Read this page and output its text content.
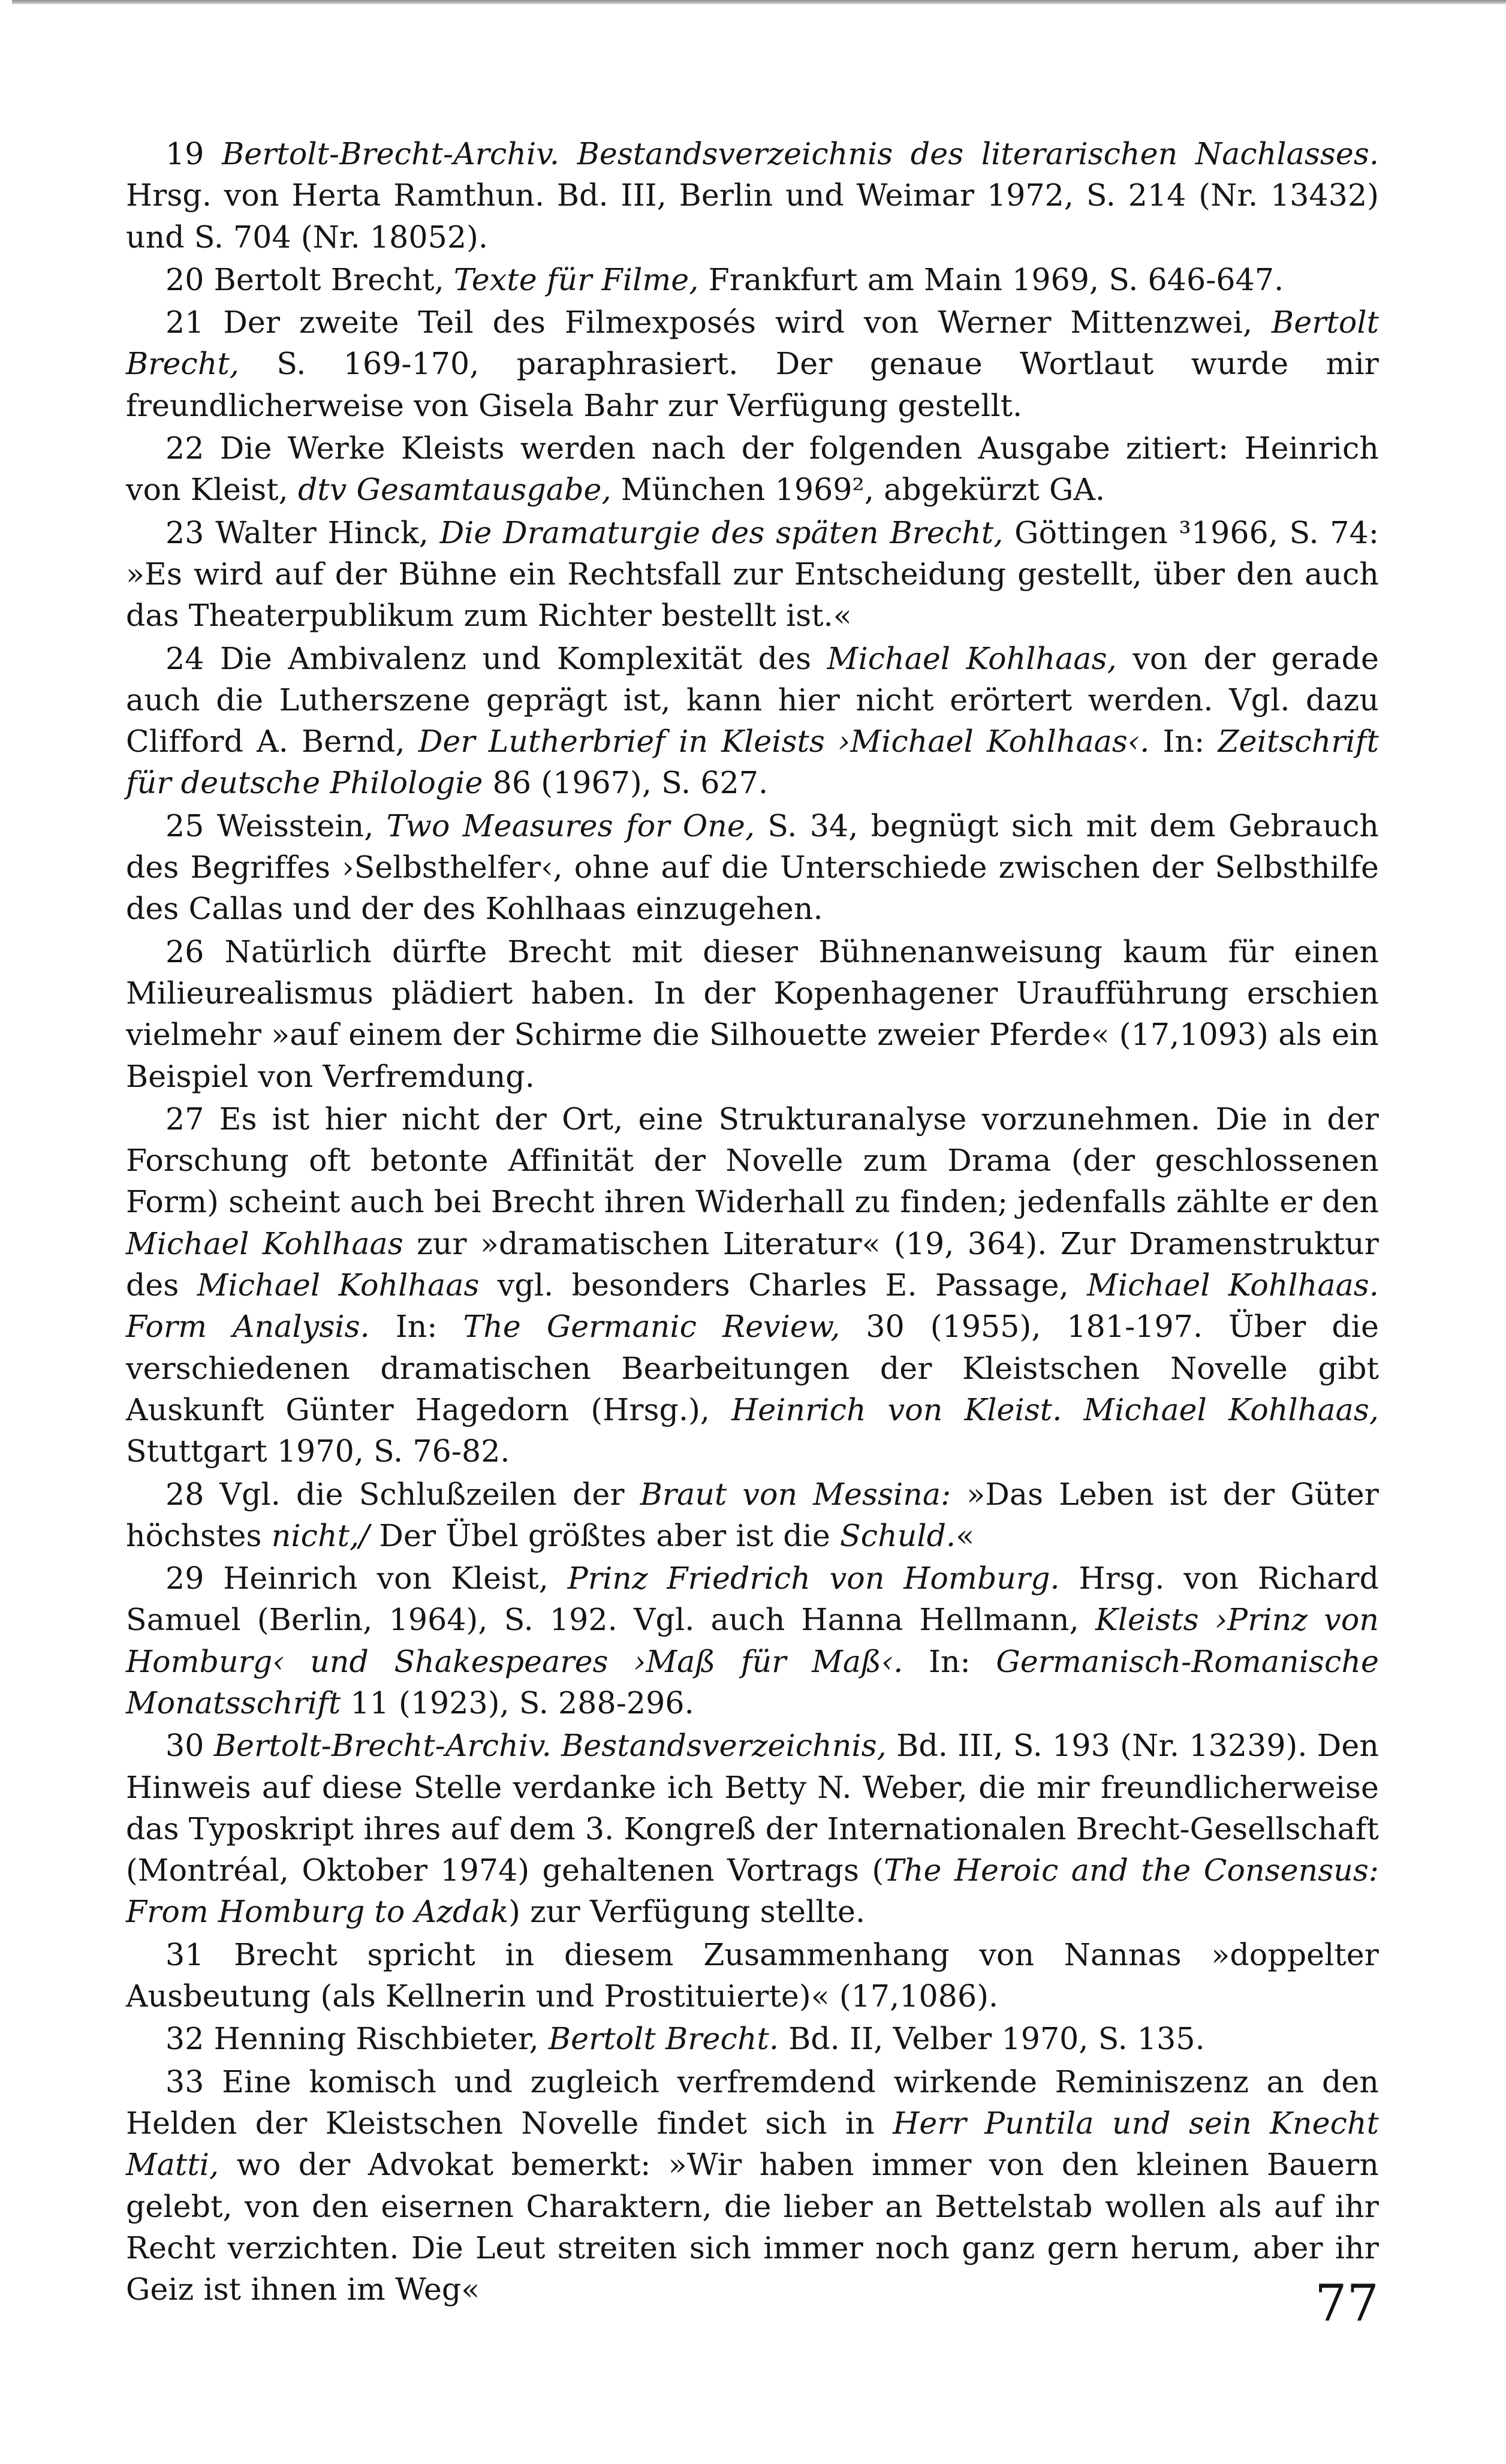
19 Bertolt-Brecht-Archiv. Bestandsverzeichnis des literarischen Nachlasses. Hrsg. von Herta Ramthun. Bd. III, Berlin und Weimar 1972, S. 214 (Nr. 13432) und S. 704 (Nr. 18052).

20 Bertolt Brecht, Texte für Filme, Frankfurt am Main 1969, S. 646-647.

21 Der zweite Teil des Filmexposés wird von Werner Mittenzwei, Bertolt Brecht, S. 169-170, paraphrasiert. Der genaue Wortlaut wurde mir freundlicherweise von Gisela Bahr zur Verfügung gestellt.

22 Die Werke Kleists werden nach der folgenden Ausgabe zitiert: Heinrich von Kleist, dtv Gesamtausgabe, München 1969², abgekürzt GA.

23 Walter Hinck, Die Dramaturgie des späten Brecht, Göttingen ³1966, S. 74: »Es wird auf der Bühne ein Rechtsfall zur Entscheidung gestellt, über den auch das Theaterpublikum zum Richter bestellt ist.«

24 Die Ambivalenz und Komplexität des Michael Kohlhaas, von der gerade auch die Lutherszene geprägt ist, kann hier nicht erörtert werden. Vgl. dazu Clifford A. Bernd, Der Lutherbrief in Kleists ›Michael Kohlhaas‹. In: Zeitschrift für deutsche Philologie 86 (1967), S. 627.

25 Weisstein, Two Measures for One, S. 34, begnügt sich mit dem Gebrauch des Begriffes ›Selbsthelfer‹, ohne auf die Unterschiede zwischen der Selbsthilfe des Callas und der des Kohlhaas einzugehen.

26 Natürlich dürfte Brecht mit dieser Bühnenanweisung kaum für einen Milieurealismus plädiert haben. In der Kopenhagener Uraufführung erschien vielmehr »auf einem der Schirme die Silhouette zweier Pferde« (17,1093) als ein Beispiel von Verfremdung.

27 Es ist hier nicht der Ort, eine Strukturanalyse vorzunehmen. Die in der Forschung oft betonte Affinität der Novelle zum Drama (der geschlossenen Form) scheint auch bei Brecht ihren Widerhall zu finden; jedenfalls zählte er den Michael Kohlhaas zur »dramatischen Literatur« (19, 364). Zur Dramenstruktur des Michael Kohlhaas vgl. besonders Charles E. Passage, Michael Kohlhaas. Form Analysis. In: The Germanic Review, 30 (1955), 181-197. Über die verschiedenen dramatischen Bearbeitungen der Kleistschen Novelle gibt Auskunft Günter Hagedorn (Hrsg.), Heinrich von Kleist. Michael Kohlhaas, Stuttgart 1970, S. 76-82.

28 Vgl. die Schlußzeilen der Braut von Messina: »Das Leben ist der Güter höchstes nicht,/ Der Übel größtes aber ist die Schuld.«

29 Heinrich von Kleist, Prinz Friedrich von Homburg. Hrsg. von Richard Samuel (Berlin, 1964), S. 192. Vgl. auch Hanna Hellmann, Kleists ›Prinz von Homburg‹ und Shakespeares ›Maß für Maß‹. In: Germanisch-Romanische Monatsschrift 11 (1923), S. 288-296.

30 Bertolt-Brecht-Archiv. Bestandsverzeichnis, Bd. III, S. 193 (Nr. 13239). Den Hinweis auf diese Stelle verdanke ich Betty N. Weber, die mir freundlicherweise das Typoskript ihres auf dem 3. Kongreß der Internationalen Brecht-Gesellschaft (Montréal, Oktober 1974) gehaltenen Vortrags (The Heroic and the Consensus: From Homburg to Azdak) zur Verfügung stellte.

31 Brecht spricht in diesem Zusammenhang von Nannas »doppelter Ausbeutung (als Kellnerin und Prostituierte)« (17,1086).

32 Henning Rischbieter, Bertolt Brecht. Bd. II, Velber 1970, S. 135.

33 Eine komisch und zugleich verfremdend wirkende Reminiszenz an den Helden der Kleistschen Novelle findet sich in Herr Puntila und sein Knecht Matti, wo der Advokat bemerkt: »Wir haben immer von den kleinen Bauern gelebt, von den eisernen Charaktern, die lieber an Bettelstab wollen als auf ihr Recht verzichten. Die Leut streiten sich immer noch ganz gern herum, aber ihr Geiz ist ihnen im Weg«	77
